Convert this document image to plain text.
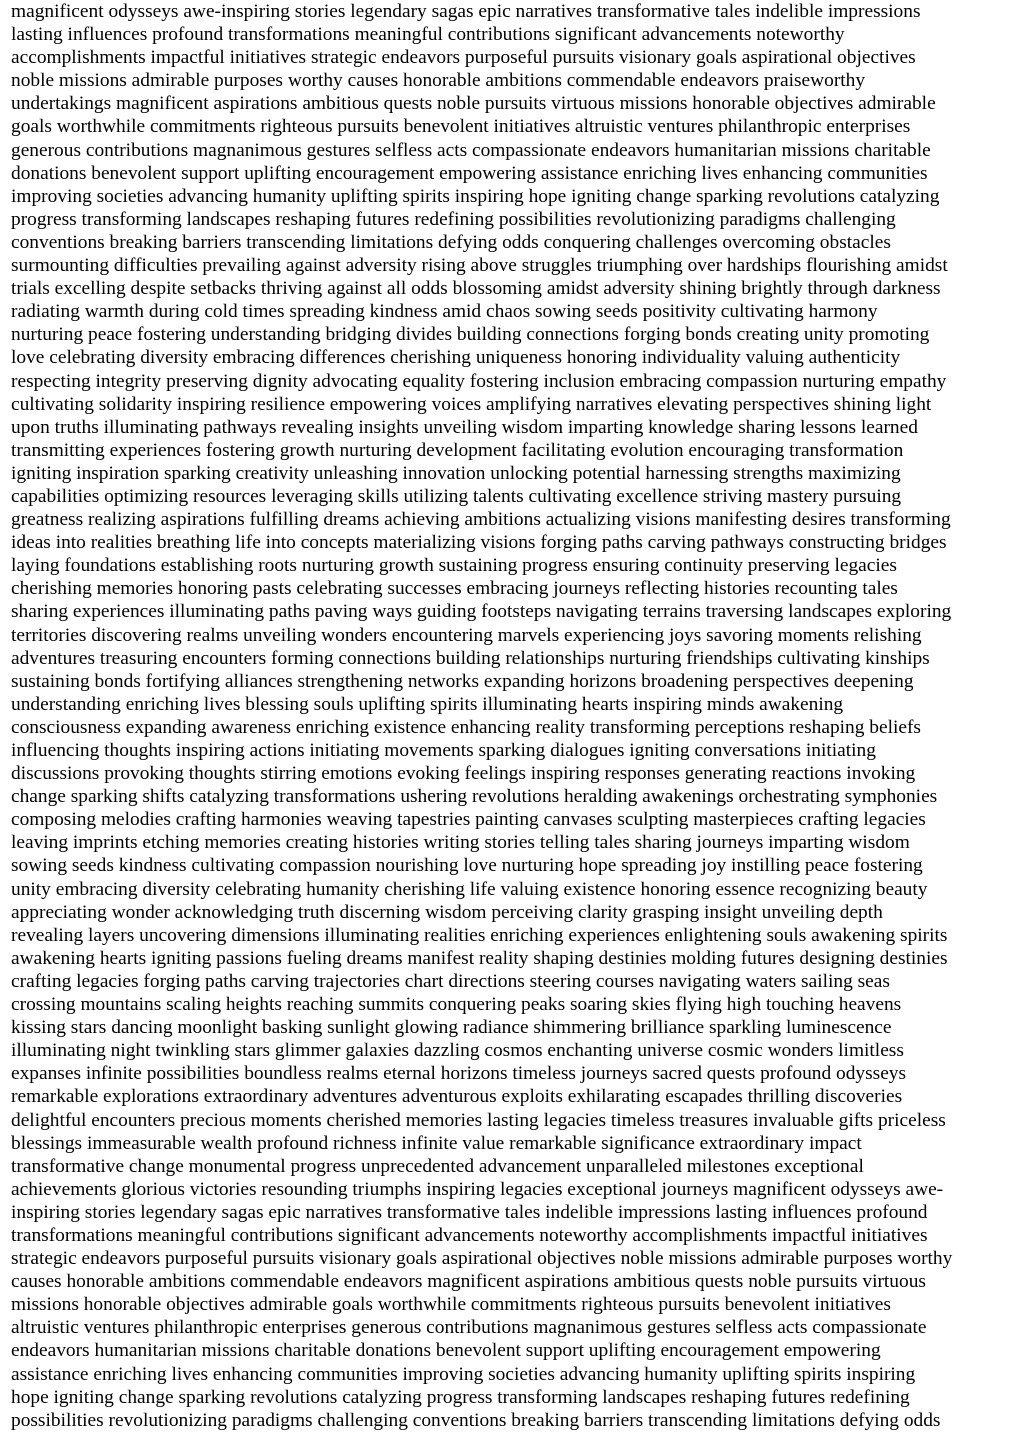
magnificent odysseys awe-inspiring stories legendary sagas epic narratives transformative tales indelible impressions
lasting influences profound transformations meaningful contributions significant advancements noteworthy
accomplishments impactful initiatives strategic endeavors purposeful pursuits visionary goals aspirational objectives
noble missions admirable purposes worthy causes honorable ambitions commendable endeavors praiseworthy
undertakings magnificent aspirations ambitious quests noble pursuits virtuous missions honorable objectives admirable
goals worthwhile commitments righteous pursuits benevolent initiatives altruistic ventures philanthropic enterprises
generous contributions magnanimous gestures selfless acts compassionate endeavors humanitarian missions charitable
donations benevolent support uplifting encouragement empowering assistance enriching lives enhancing communities
improving societies advancing humanity uplifting spirits inspiring hope igniting change sparking revolutions catalyzing
progress transforming landscapes reshaping futures redefining possibilities revolutionizing paradigms challenging
conventions breaking barriers transcending limitations defying odds conquering challenges overcoming obstacles
surmounting difficulties prevailing against adversity rising above struggles triumphing over hardships flourishing amidst
trials excelling despite setbacks thriving against all odds blossoming amidst adversity shining brightly through darkness
radiating warmth during cold times spreading kindness amid chaos sowing seeds positivity cultivating harmony
nurturing peace fostering understanding bridging divides building connections forging bonds creating unity promoting
love celebrating diversity embracing differences cherishing uniqueness honoring individuality valuing authenticity
respecting integrity preserving dignity advocating equality fostering inclusion embracing compassion nurturing empathy
cultivating solidarity inspiring resilience empowering voices amplifying narratives elevating perspectives shining light
upon truths illuminating pathways revealing insights unveiling wisdom imparting knowledge sharing lessons learned
transmitting experiences fostering growth nurturing development facilitating evolution encouraging transformation
igniting inspiration sparking creativity unleashing innovation unlocking potential harnessing strengths maximizing
capabilities optimizing resources leveraging skills utilizing talents cultivating excellence striving mastery pursuing
greatness realizing aspirations fulfilling dreams achieving ambitions actualizing visions manifesting desires transforming
ideas into realities breathing life into concepts materializing visions forging paths carving pathways constructing bridges
laying foundations establishing roots nurturing growth sustaining progress ensuring continuity preserving legacies
cherishing memories honoring pasts celebrating successes embracing journeys reflecting histories recounting tales
sharing experiences illuminating paths paving ways guiding footsteps navigating terrains traversing landscapes exploring
territories discovering realms unveiling wonders encountering marvels experiencing joys savoring moments relishing
adventures treasuring encounters forming connections building relationships nurturing friendships cultivating kinships
sustaining bonds fortifying alliances strengthening networks expanding horizons broadening perspectives deepening
understanding enriching lives blessing souls uplifting spirits illuminating hearts inspiring minds awakening
consciousness expanding awareness enriching existence enhancing reality transforming perceptions reshaping beliefs
influencing thoughts inspiring actions initiating movements sparking dialogues igniting conversations initiating
discussions provoking thoughts stirring emotions evoking feelings inspiring responses generating reactions invoking
change sparking shifts catalyzing transformations ushering revolutions heralding awakenings orchestrating symphonies
composing melodies crafting harmonies weaving tapestries painting canvases sculpting masterpieces crafting legacies
leaving imprints etching memories creating histories writing stories telling tales sharing journeys imparting wisdom
sowing seeds kindness cultivating compassion nourishing love nurturing hope spreading joy instilling peace fostering
unity embracing diversity celebrating humanity cherishing life valuing existence honoring essence recognizing beauty
appreciating wonder acknowledging truth discerning wisdom perceiving clarity grasping insight unveiling depth
revealing layers uncovering dimensions illuminating realities enriching experiences enlightening souls awakening spirits
awakening hearts igniting passions fueling dreams manifest reality shaping destinies molding futures designing destinies
crafting legacies forging paths carving trajectories chart directions steering courses navigating waters sailing seas
crossing mountains scaling heights reaching summits conquering peaks soaring skies flying high touching heavens
kissing stars dancing moonlight basking sunlight glowing radiance shimmering brilliance sparkling luminescence
illuminating night twinkling stars glimmer galaxies dazzling cosmos enchanting universe cosmic wonders limitless
expanses infinite possibilities boundless realms eternal horizons timeless journeys sacred quests profound odysseys
remarkable explorations extraordinary adventures adventurous exploits exhilarating escapades thrilling discoveries
delightful encounters precious moments cherished memories lasting legacies timeless treasures invaluable gifts priceless
blessings immeasurable wealth profound richness infinite value remarkable significance extraordinary impact
transformative change monumental progress unprecedented advancement unparalleled milestones exceptional
achievements glorious victories resounding triumphs inspiring legacies exceptional journeys magnificent odysseys awe-
inspiring stories legendary sagas epic narratives transformative tales indelible impressions lasting influences profound
transformations meaningful contributions significant advancements noteworthy accomplishments impactful initiatives
strategic endeavors purposeful pursuits visionary goals aspirational objectives noble missions admirable purposes worthy
causes honorable ambitions commendable endeavors magnificent aspirations ambitious quests noble pursuits virtuous
missions honorable objectives admirable goals worthwhile commitments righteous pursuits benevolent initiatives
altruistic ventures philanthropic enterprises generous contributions magnanimous gestures selfless acts compassionate
endeavors humanitarian missions charitable donations benevolent support uplifting encouragement empowering
assistance enriching lives enhancing communities improving societies advancing humanity uplifting spirits inspiring
hope igniting change sparking revolutions catalyzing progress transforming landscapes reshaping futures redefining
possibilities revolutionizing paradigms challenging conventions breaking barriers transcending limitations defying odds
